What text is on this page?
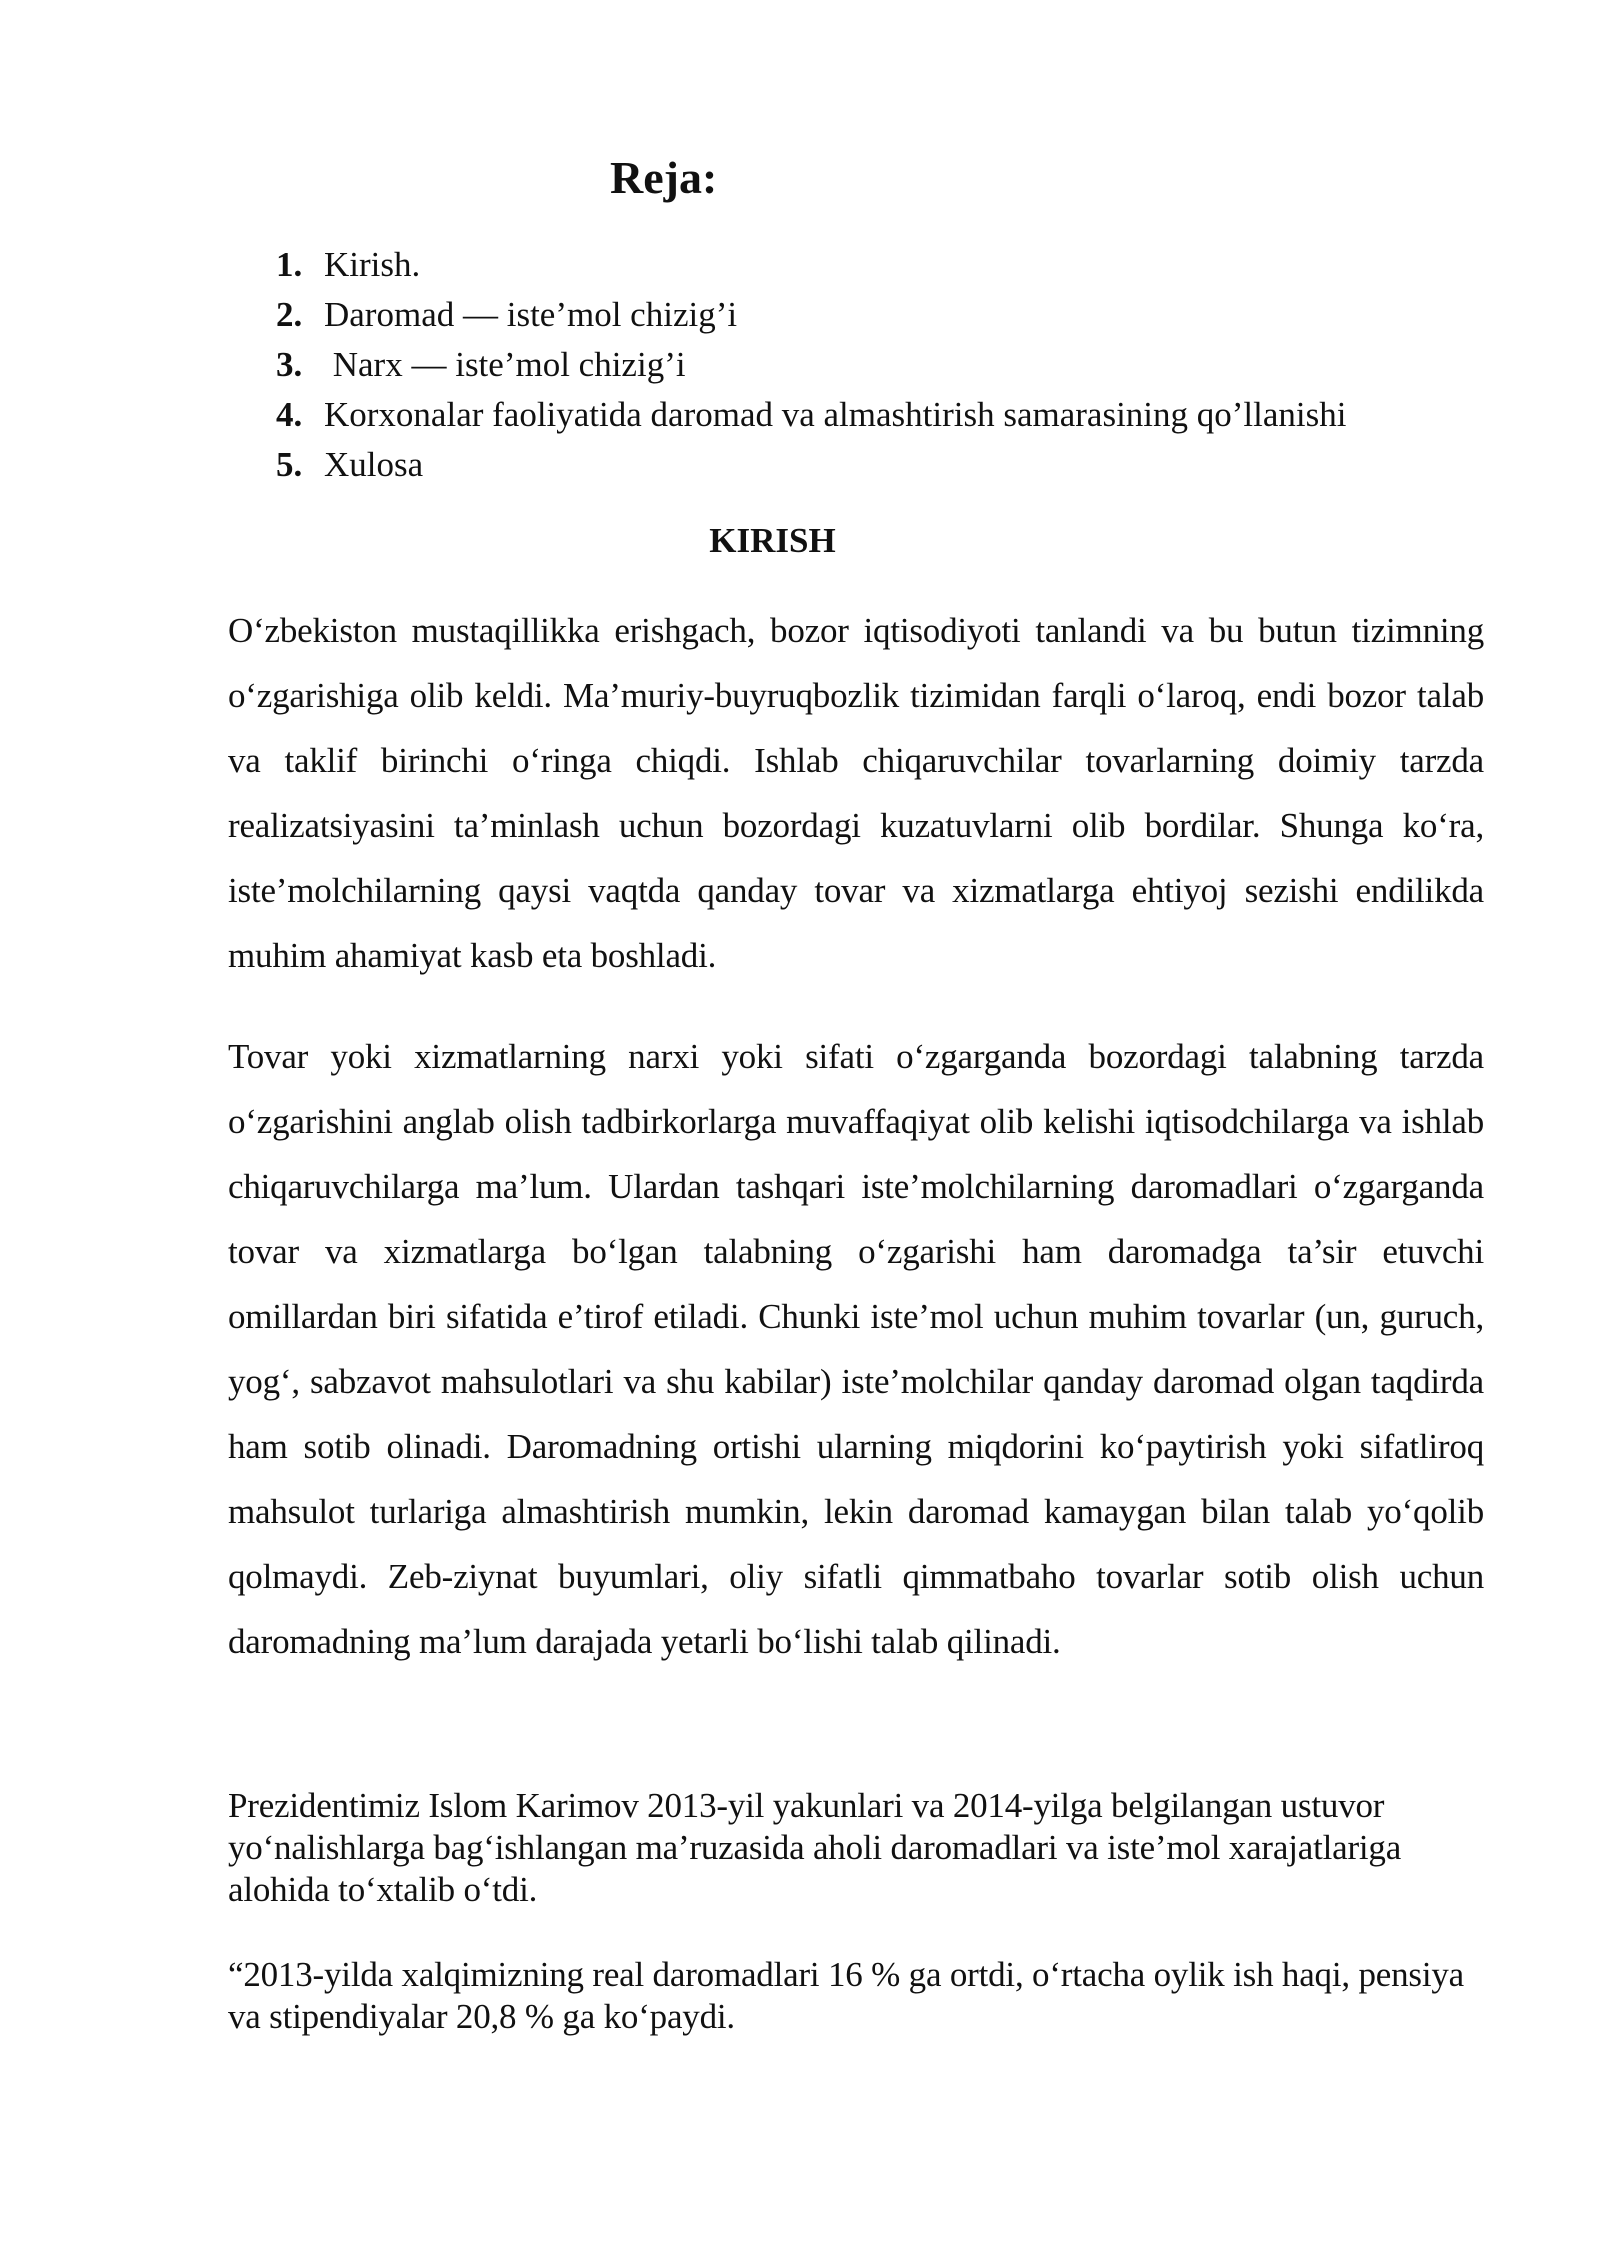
Reja:
1. Kirish.
2. Daromad — iste’mol chizig’i
3. Narx — iste’mol chizig’i
4. Korxonalar faoliyatida daromad va almashtirish samarasining qo’llanishi
5. Xulosa
KIRISH

O‘zbekiston mustaqillikka erishgach, bozor iqtisodiyoti tanlandi va bu butun tizimning o‘zgarishiga olib keldi. Ma’muriy-buyruqbozlik tizimidan farqli o‘laroq, endi bozor talab va taklif birinchi o‘ringa chiqdi. Ishlab chiqaruvchilar tovarlarning doimiy tarzda realizatsiyasini ta’minlash uchun bozordagi kuzatuvlarni olib bordilar. Shunga ko‘ra, iste’molchilarning qaysi vaqtda qanday tovar va xizmatlarga ehtiyoj sezishi endilikda muhim ahamiyat kasb eta boshladi.

Tovar yoki xizmatlarning narxi yoki sifati o‘zgarganda bozordagi talabning tarzda o‘zgarishini anglab olish tadbirkorlarga muvaffaqiyat olib kelishi iqtisodchilarga va ishlab chiqaruvchilarga ma’lum. Ulardan tashqari iste’molchilarning daromadlari o‘zgarganda tovar va xizmatlarga bo‘lgan talabning o‘zgarishi ham daromadga ta’sir etuvchi omillardan biri sifatida e’tirof etiladi. Chunki iste’mol uchun muhim tovarlar (un, guruch, yog‘, sabzavot mahsulotlari va shu kabilar) iste’molchilar qanday daromad olgan taqdirda ham sotib olinadi. Daromadning ortishi ularning miqdorini ko‘paytirish yoki sifatliroq mahsulot turlariga almashtirish mumkin, lekin daromad kamaygan bilan talab yo‘qolib qolmaydi. Zeb-ziynat buyumlari, oliy sifatli qimmatbaho tovarlar sotib olish uchun daromadning ma’lum darajada yetarli bo‘lishi talab qilinadi.

Prezidentimiz Islom Karimov 2013-yil yakunlari va 2014-yilga belgilangan ustuvor yo‘nalishlarga bag‘ishlangan ma’ruzasida aholi daromadlari va iste’mol xarajatlariga alohida to‘xtalib o‘tdi.

“2013-yilda xalqimizning real daromadlari 16 % ga ortdi, o‘rtacha oylik ish haqi, pensiya va stipendiyalar 20,8 % ga ko‘paydi.
